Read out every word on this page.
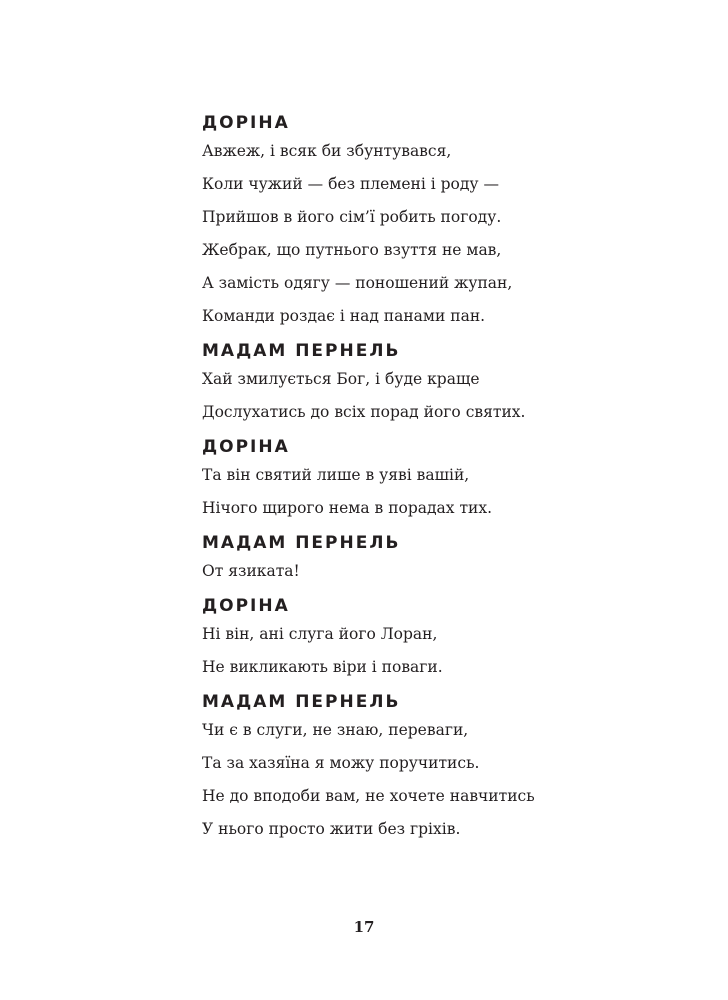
ДОРІНА
Авжеж, і всяк би збунтувався,
Коли чужий — без племені і роду —
Прийшов в його сім’ї робить погоду.
Жебрак, що путнього взуття не мав,
А замість одягу — поношений жупан,
Команди роздає і над панами пан.
МАДАМ ПЕРНЕЛЬ
Хай змилується Бог, і буде краще
Дослухатись до всіх порад його святих.
ДОРІНА
Та він святий лише в уяві вашій,
Нічого щирого нема в порадах тих.
МАДАМ ПЕРНЕЛЬ
От язиката!
ДОРІНА
Ні він, ані слуга його Лоран,
Не викликають віри і поваги.
МАДАМ ПЕРНЕЛЬ
Чи є в слуги, не знаю, переваги,
Та за хазяїна я можу поручитись.
Не до вподоби вам, не хочете навчитись
У нього просто жити без гріхів.
17
